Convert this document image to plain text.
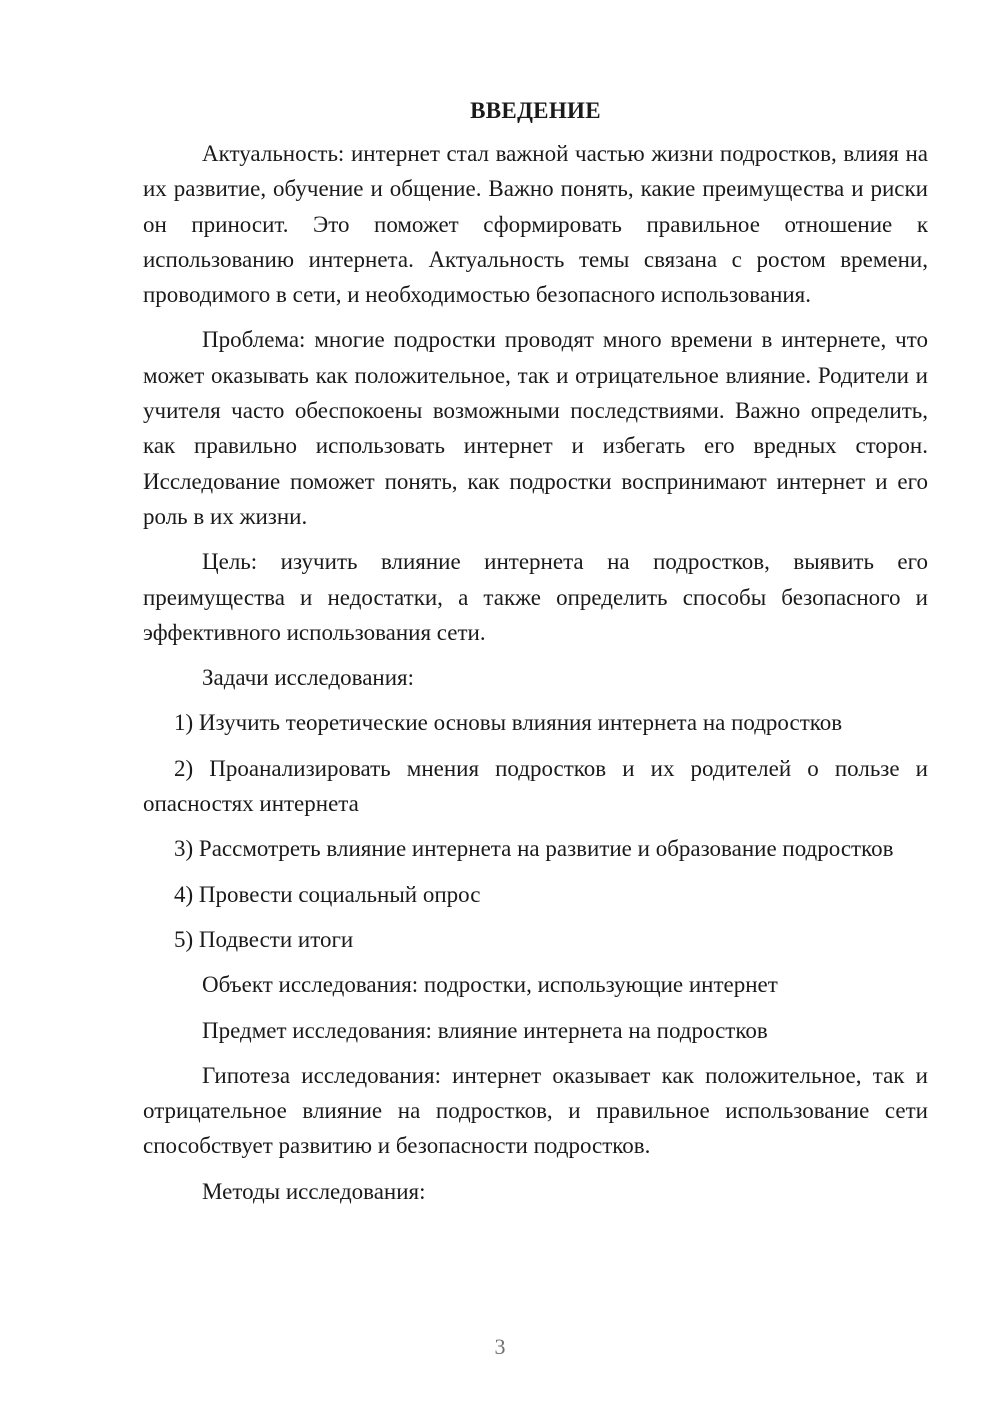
ВВЕДЕНИЕ

Актуальность: интернет стал важной частью жизни подростков, влияя на их развитие, обучение и общение. Важно понять, какие преимущества и риски он приносит. Это поможет сформировать правильное отношение к использованию интернета. Актуальность темы связана с ростом времени, проводимого в сети, и необходимостью безопасного использования.

Проблема: многие подростки проводят много времени в интернете, что может оказывать как положительное, так и отрицательное влияние. Родители и учителя часто обеспокоены возможными последствиями. Важно определить, как правильно использовать интернет и избегать его вредных сторон. Исследование поможет понять, как подростки воспринимают интернет и его роль в их жизни.

Цель: изучить влияние интернета на подростков, выявить его преимущества и недостатки, а также определить способы безопасного и эффективного использования сети.

Задачи исследования:

1) Изучить теоретические основы влияния интернета на подростков

2) Проанализировать мнения подростков и их родителей о пользе и опасностях интернета

3) Рассмотреть влияние интернета на развитие и образование подростков

4) Провести социальный опрос

5) Подвести итоги

Объект исследования: подростки, использующие интернет

Предмет исследования: влияние интернета на подростков

Гипотеза исследования: интернет оказывает как положительное, так и отрицательное влияние на подростков, и правильное использование сети способствует развитию и безопасности подростков.

Методы исследования:

3
